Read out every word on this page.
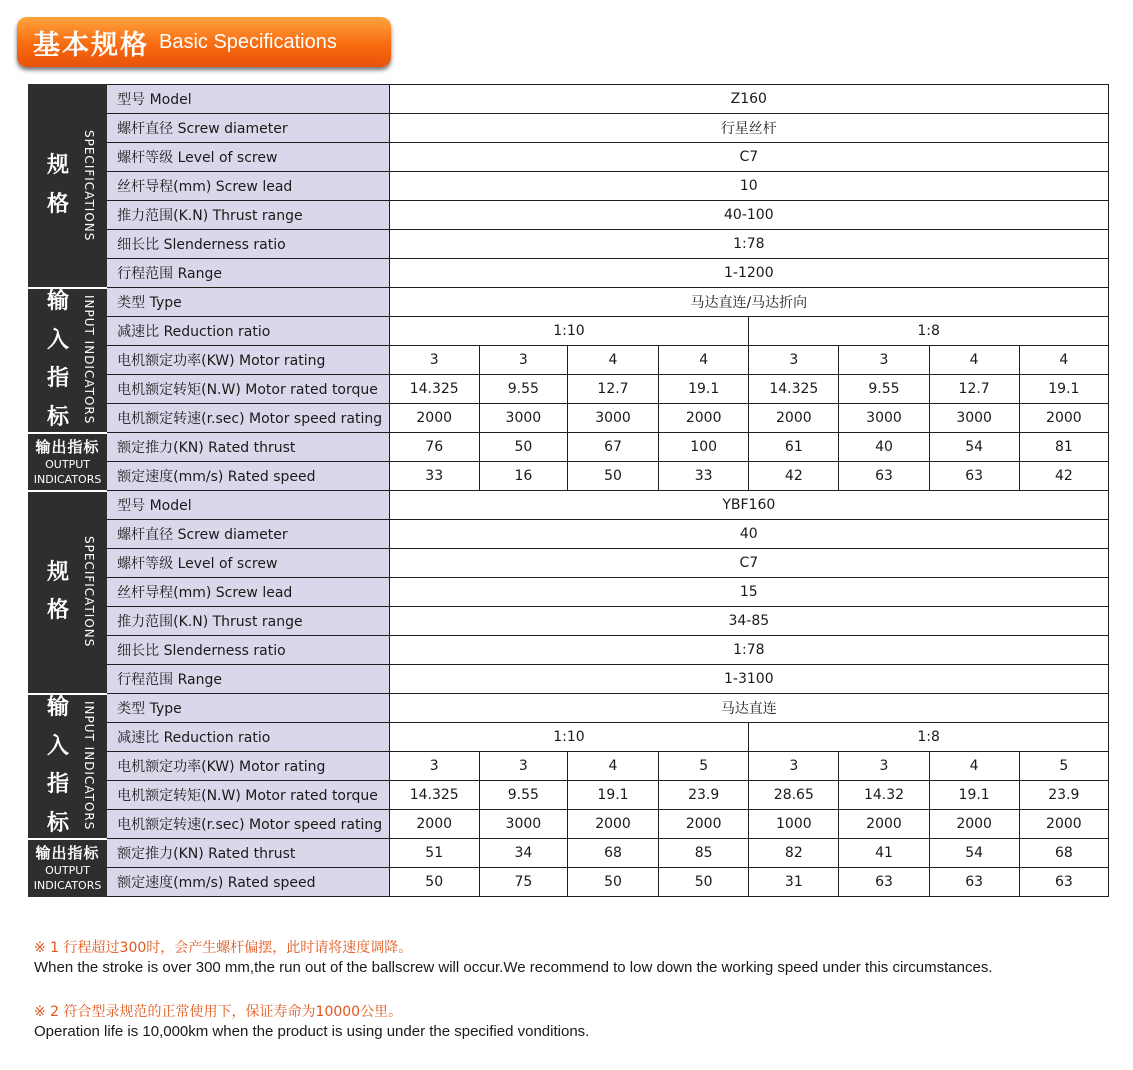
基本规格 Basic Specifications
规
格 SPECIFICATIONS	型号 Model	Z160							
	螺杆直径 Screw diameter	行星丝杆							
	螺杆等级 Level of screw	C7							
	丝杆导程(mm) Screw lead	10							
	推力范围(K.N) Thrust range	40-100							
	细长比 Slenderness ratio	1:78							
	行程范围 Range	1-1200							

输
入
指
标 INPUT INDICATORS	类型 Type	马达直连/马达折向							
	减速比 Reduction ratio	1:10				1:8			
	电机额定功率(KW) Motor rating	3	3	4	4	3	3	4	4
	电机额定转矩(N.W) Motor rated torque	14.325	9.55	12.7	19.1	14.325	9.55	12.7	19.1
	电机额定转速(r.sec) Motor speed rating	2000	3000	3000	2000	2000	3000	3000	2000

输出指标
OUTPUT
INDICATORS	额定推力(KN) Rated thrust	76	50	67	100	61	40	54	81
	额定速度(mm/s) Rated speed	33	16	50	33	42	63	63	42

规
格 SPECIFICATIONS	型号 Model	YBF160							
	螺杆直径 Screw diameter	40							
	螺杆等级 Level of screw	C7							
	丝杆导程(mm) Screw lead	15							
	推力范围(K.N) Thrust range	34-85							
	细长比 Slenderness ratio	1:78							
	行程范围 Range	1-3100							

输
入
指
标 INPUT INDICATORS	类型 Type	马达直连							
	减速比 Reduction ratio	1:10				1:8			
	电机额定功率(KW) Motor rating	3	3	4	5	3	3	4	5
	电机额定转矩(N.W) Motor rated torque	14.325	9.55	19.1	23.9	28.65	14.32	19.1	23.9
	电机额定转速(r.sec) Motor speed rating	2000	3000	2000	2000	1000	2000	2000	2000

输出指标
OUTPUT
INDICATORS	额定推力(KN) Rated thrust	51	34	68	85	82	41	54	68
	额定速度(mm/s) Rated speed	50	75	50	50	31	63	63	63
※ 1 行程超过300时，会产生螺杆偏摆，此时请将速度调降。
When the stroke is over 300 mm,the run out of the ballscrew will occur.We recommend to low down the working speed under this circumstances.
※ 2 符合型录规范的正常使用下，保证寿命为10000公里。
Operation life is 10,000km when the product is using under the specified vonditions.
